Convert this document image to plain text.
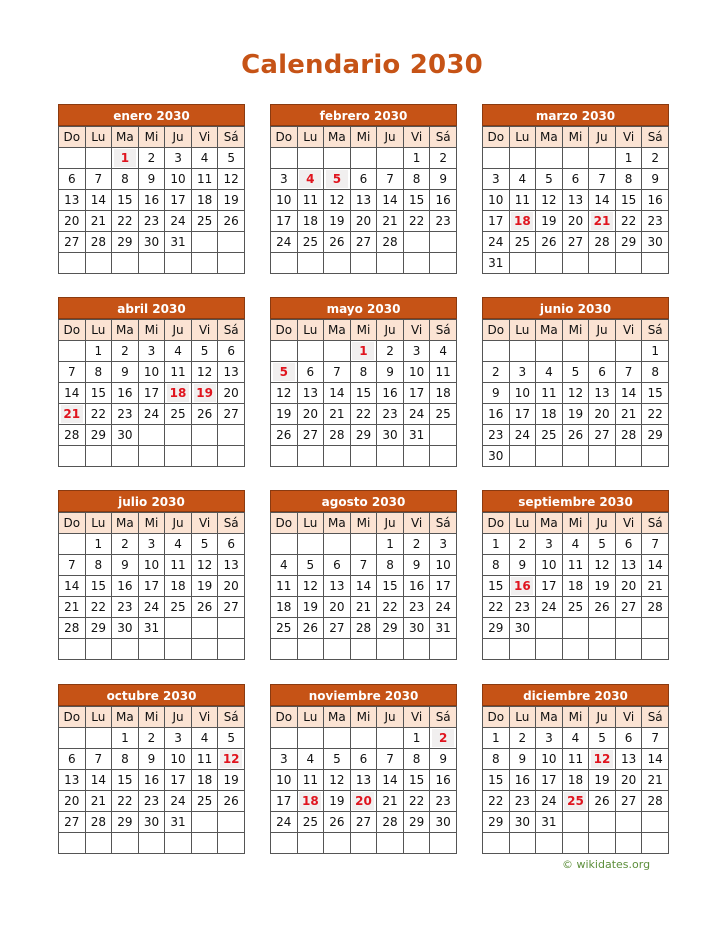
Calendario 2030
enero 2030
Do	Lu	Ma	Mi	Ju	Vi	Sá
		1	2	3	4	5
6	7	8	9	10	11	12
13	14	15	16	17	18	19
20	21	22	23	24	25	26
27	28	29	30	31		

febrero 2030
Do	Lu	Ma	Mi	Ju	Vi	Sá
					1	2
3	4	5	6	7	8	9
10	11	12	13	14	15	16
17	18	19	20	21	22	23
24	25	26	27	28		

marzo 2030
Do	Lu	Ma	Mi	Ju	Vi	Sá
					1	2
3	4	5	6	7	8	9
10	11	12	13	14	15	16
17	18	19	20	21	22	23
24	25	26	27	28	29	30
31						
abril 2030
Do	Lu	Ma	Mi	Ju	Vi	Sá
	1	2	3	4	5	6
7	8	9	10	11	12	13
14	15	16	17	18	19	20
21	22	23	24	25	26	27
28	29	30				

mayo 2030
Do	Lu	Ma	Mi	Ju	Vi	Sá
			1	2	3	4
5	6	7	8	9	10	11
12	13	14	15	16	17	18
19	20	21	22	23	24	25
26	27	28	29	30	31	

junio 2030
Do	Lu	Ma	Mi	Ju	Vi	Sá
						1
2	3	4	5	6	7	8
9	10	11	12	13	14	15
16	17	18	19	20	21	22
23	24	25	26	27	28	29
30						
julio 2030
Do	Lu	Ma	Mi	Ju	Vi	Sá
	1	2	3	4	5	6
7	8	9	10	11	12	13
14	15	16	17	18	19	20
21	22	23	24	25	26	27
28	29	30	31			

agosto 2030
Do	Lu	Ma	Mi	Ju	Vi	Sá
				1	2	3
4	5	6	7	8	9	10
11	12	13	14	15	16	17
18	19	20	21	22	23	24
25	26	27	28	29	30	31

septiembre 2030
Do	Lu	Ma	Mi	Ju	Vi	Sá
1	2	3	4	5	6	7
8	9	10	11	12	13	14
15	16	17	18	19	20	21
22	23	24	25	26	27	28
29	30					

octubre 2030
Do	Lu	Ma	Mi	Ju	Vi	Sá
		1	2	3	4	5
6	7	8	9	10	11	12
13	14	15	16	17	18	19
20	21	22	23	24	25	26
27	28	29	30	31		

noviembre 2030
Do	Lu	Ma	Mi	Ju	Vi	Sá
					1	2
3	4	5	6	7	8	9
10	11	12	13	14	15	16
17	18	19	20	21	22	23
24	25	26	27	28	29	30

diciembre 2030
Do	Lu	Ma	Mi	Ju	Vi	Sá
1	2	3	4	5	6	7
8	9	10	11	12	13	14
15	16	17	18	19	20	21
22	23	24	25	26	27	28
29	30	31				

© wikidates.org
